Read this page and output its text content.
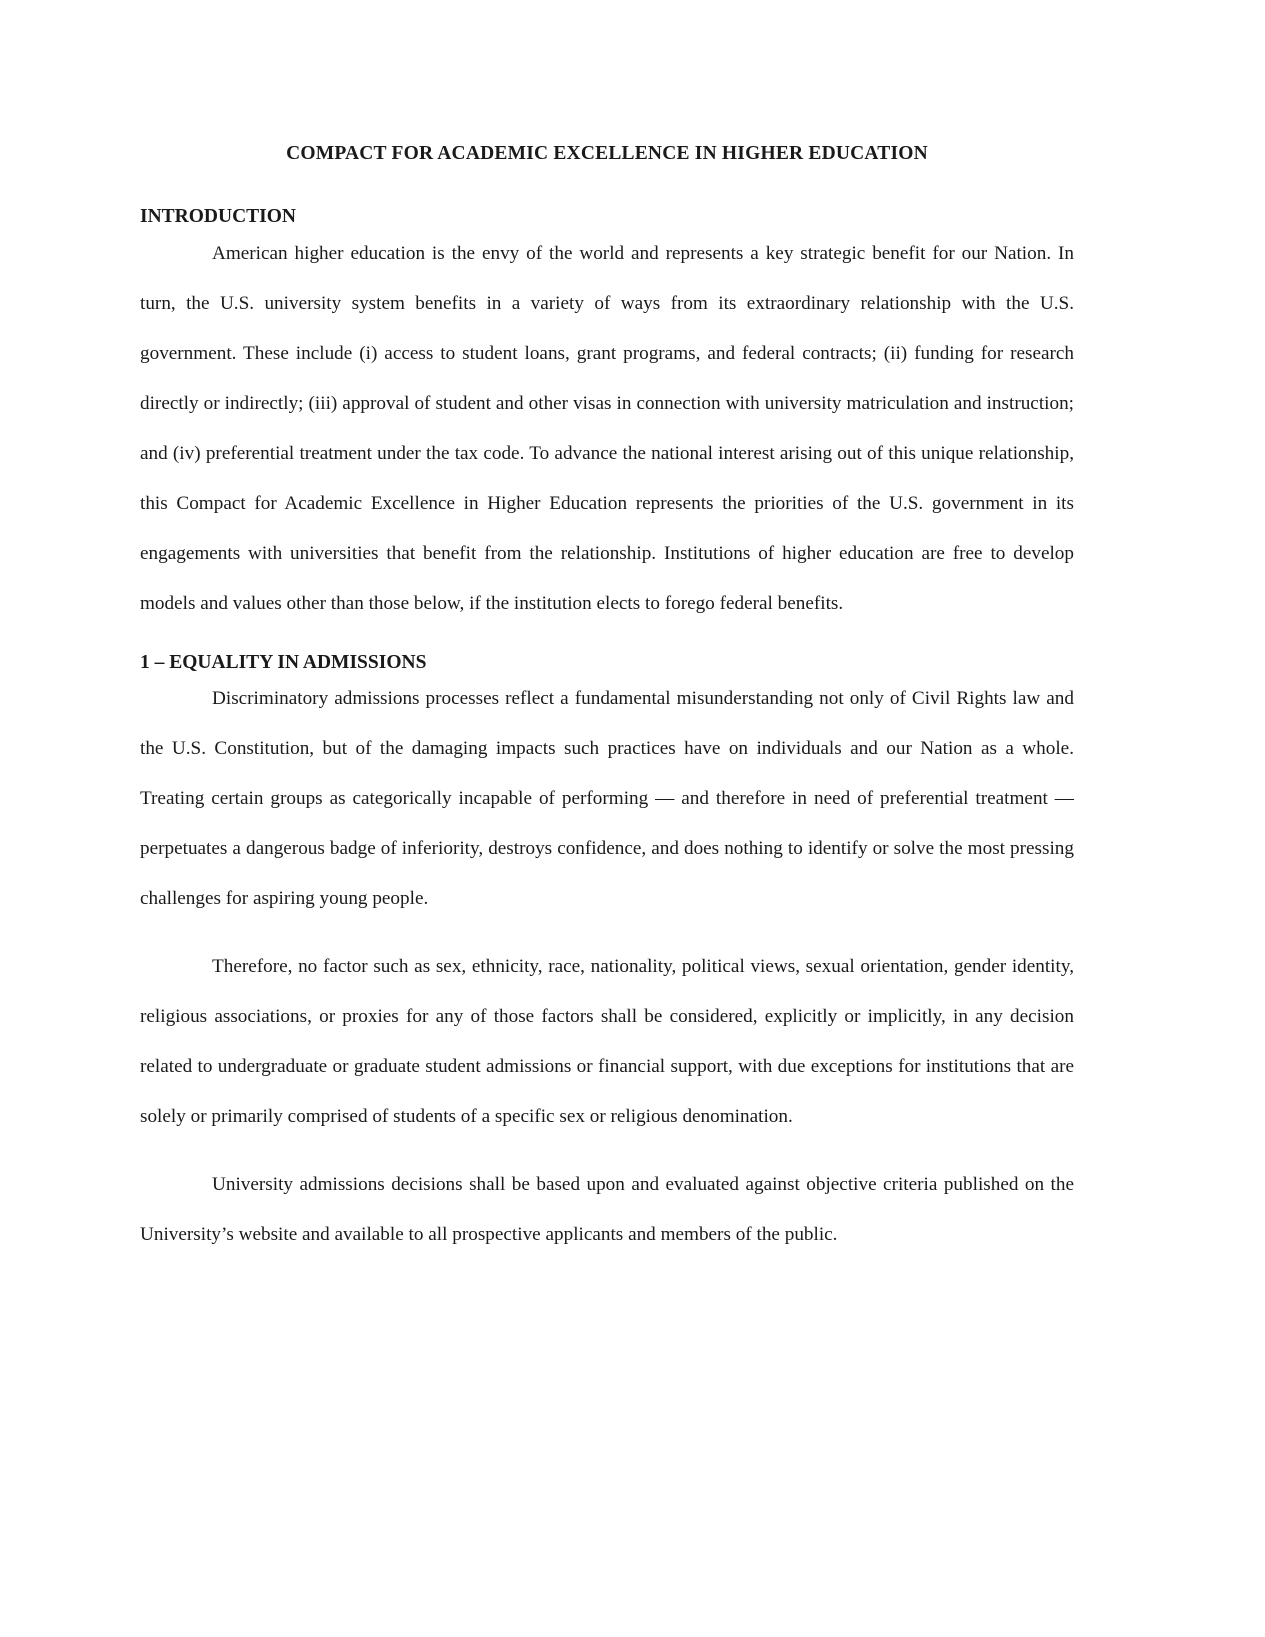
COMPACT FOR ACADEMIC EXCELLENCE IN HIGHER EDUCATION
INTRODUCTION

American higher education is the envy of the world and represents a key strategic benefit for our Nation. In turn, the U.S. university system benefits in a variety of ways from its extraordinary relationship with the U.S. government. These include (i) access to student loans, grant programs, and federal contracts; (ii) funding for research directly or indirectly; (iii) approval of student and other visas in connection with university matriculation and instruction; and (iv) preferential treatment under the tax code. To advance the national interest arising out of this unique relationship, this Compact for Academic Excellence in Higher Education represents the priorities of the U.S. government in its engagements with universities that benefit from the relationship. Institutions of higher education are free to develop models and values other than those below, if the institution elects to forego federal benefits.

1 – EQUALITY IN ADMISSIONS

Discriminatory admissions processes reflect a fundamental misunderstanding not only of Civil Rights law and the U.S. Constitution, but of the damaging impacts such practices have on individuals and our Nation as a whole. Treating certain groups as categorically incapable of performing — and therefore in need of preferential treatment — perpetuates a dangerous badge of inferiority, destroys confidence, and does nothing to identify or solve the most pressing challenges for aspiring young people.

Therefore, no factor such as sex, ethnicity, race, nationality, political views, sexual orientation, gender identity, religious associations, or proxies for any of those factors shall be considered, explicitly or implicitly, in any decision related to undergraduate or graduate student admissions or financial support, with due exceptions for institutions that are solely or primarily comprised of students of a specific sex or religious denomination.

University admissions decisions shall be based upon and evaluated against objective criteria published on the University’s website and available to all prospective applicants and members of the public.
